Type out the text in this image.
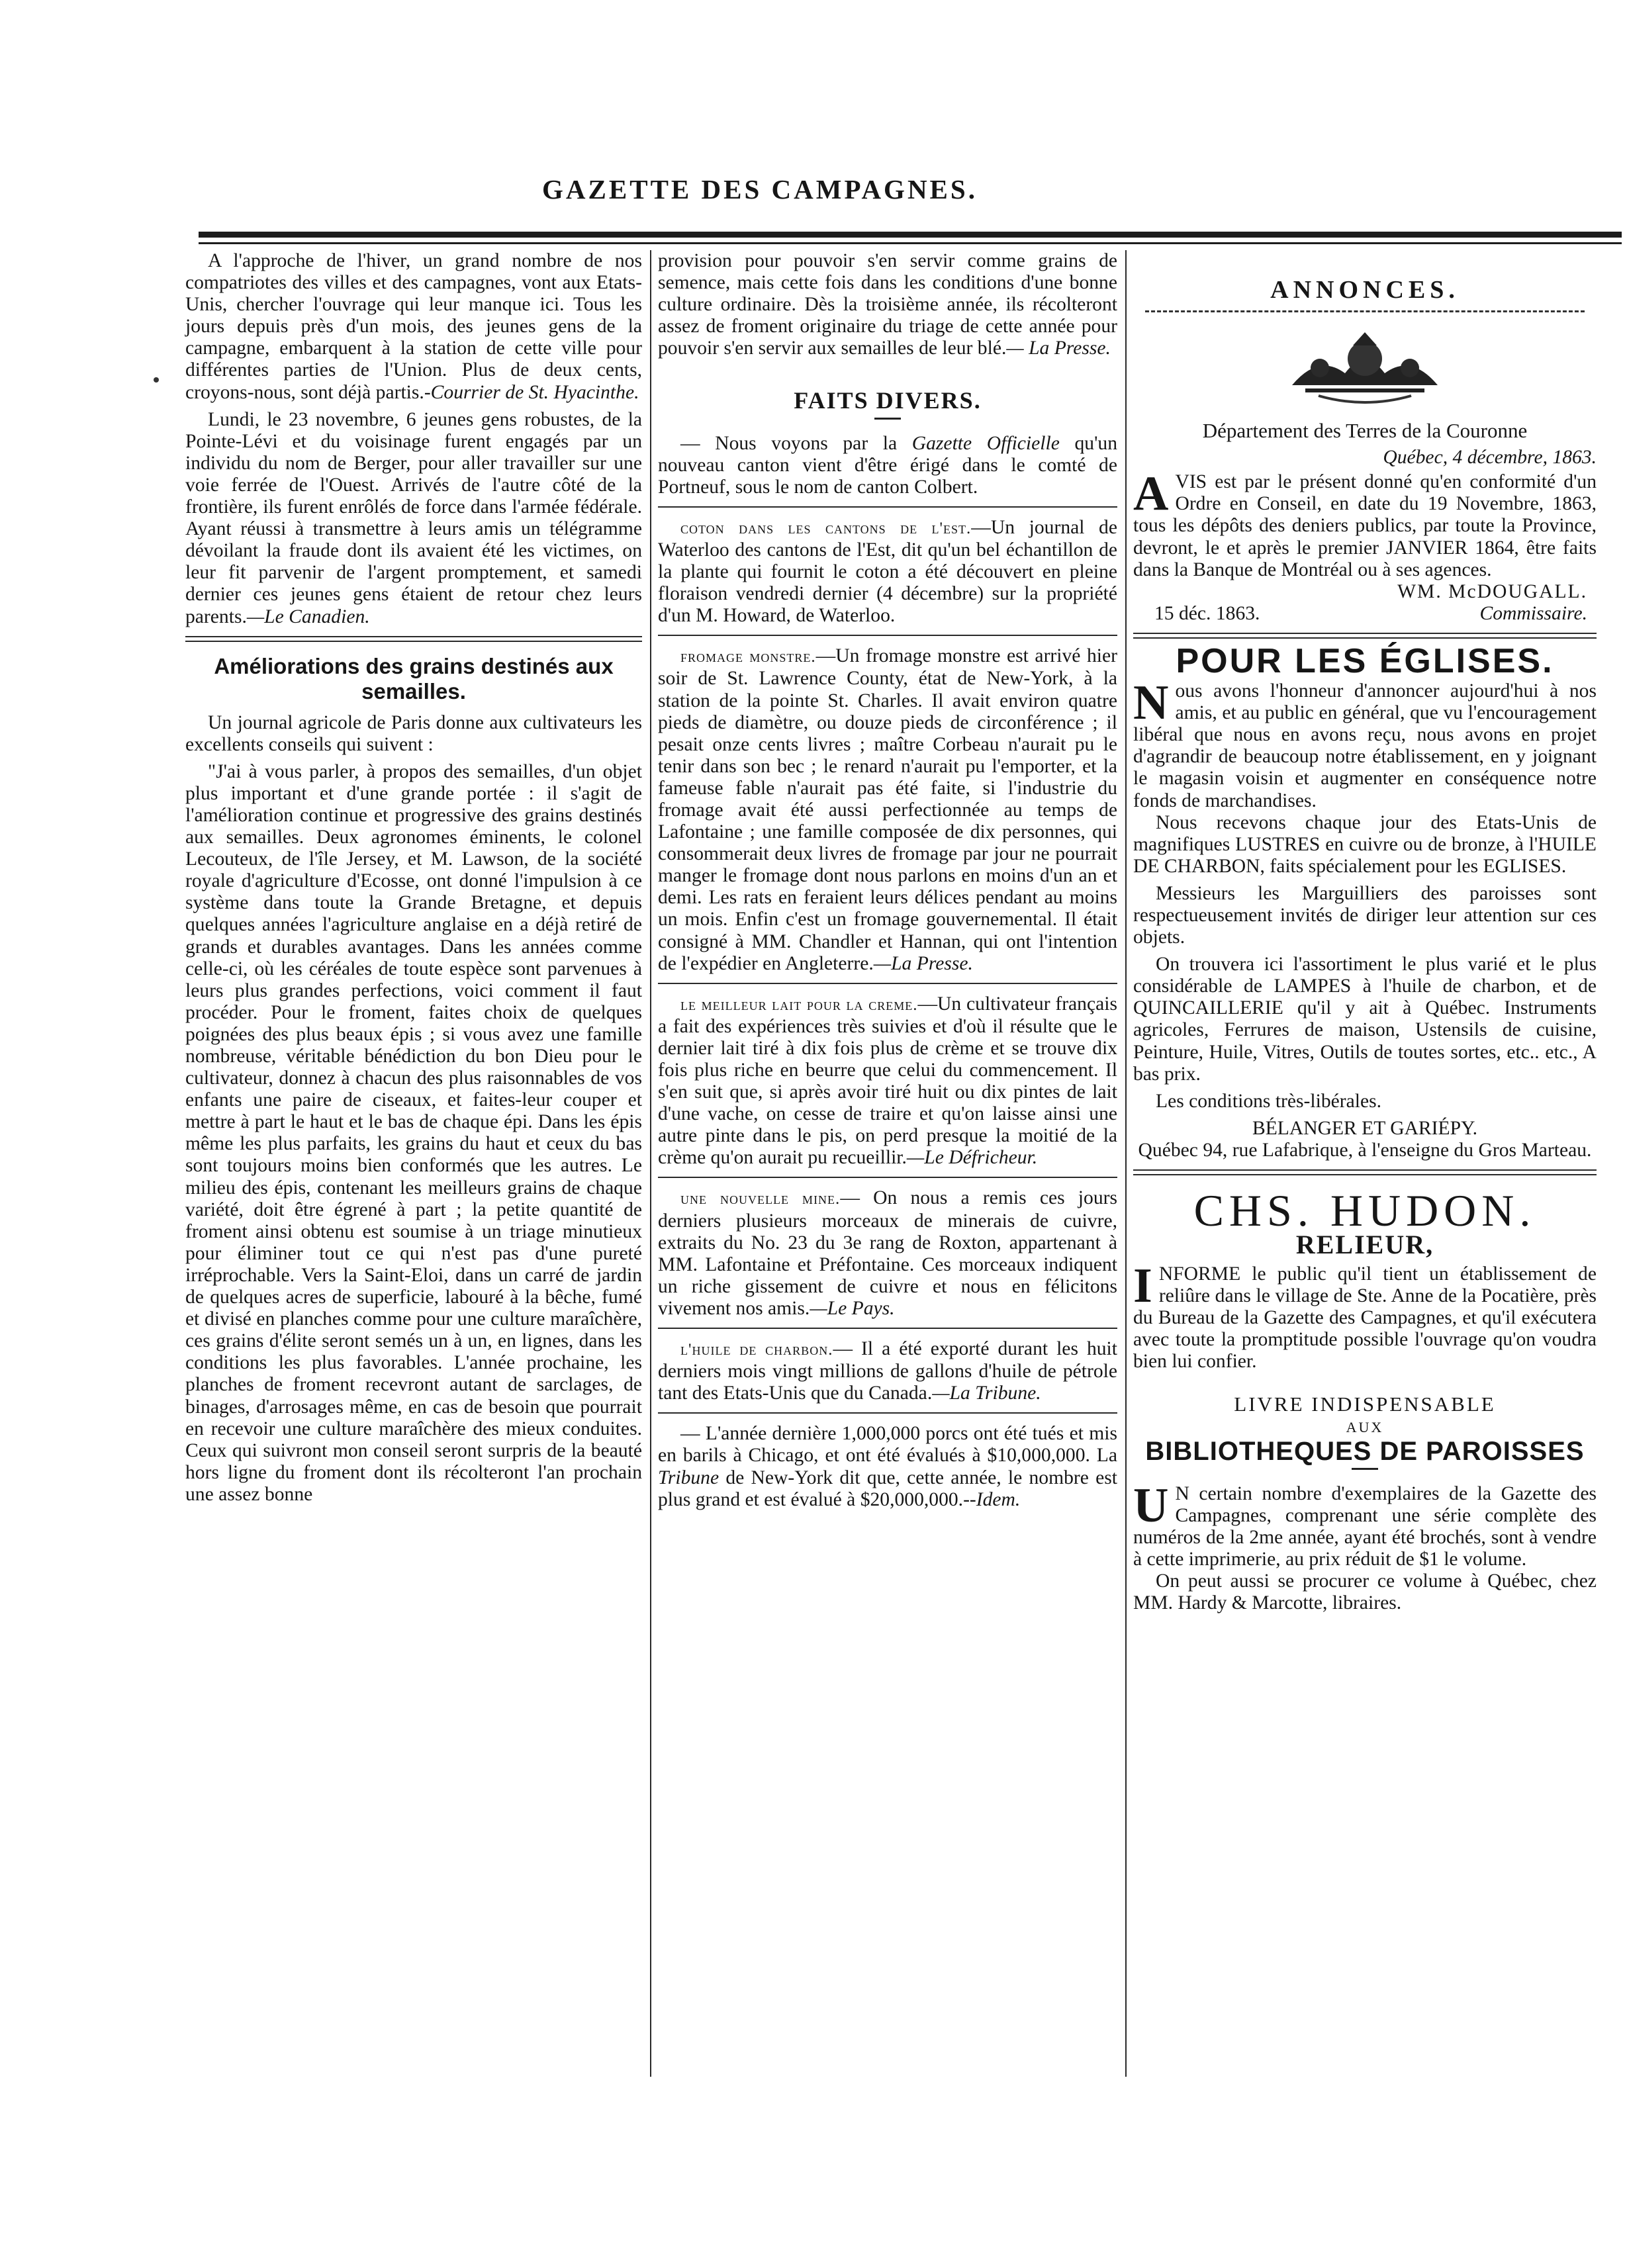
GAZETTE DES CAMPAGNES.

A l'approche de l'hiver, un grand nombre de nos compatriotes des villes et des campagnes, vont aux Etats-Unis, chercher l'ouvrage qui leur manque ici. Tous les jours depuis près d'un mois, des jeunes gens de la campagne, embarquent à la station de cette ville pour différentes parties de l'Union. Plus de deux cents, croyons-nous, sont déjà partis.-Courrier de St. Hyacinthe.

Lundi, le 23 novembre, 6 jeunes gens robustes, de la Pointe-Lévi et du voisinage furent engagés par un individu du nom de Berger, pour aller travailler sur une voie ferrée de l'Ouest. Arrivés de l'autre côté de la frontière, ils furent enrôlés de force dans l'armée fédérale. Ayant réussi à transmettre à leurs amis un télégramme dévoilant la fraude dont ils avaient été les victimes, on leur fit parvenir de l'argent promptement, et samedi dernier ces jeunes gens étaient de retour chez leurs parents.—Le Canadien.

Améliorations des grains destinés aux semailles.

Un journal agricole de Paris donne aux cultivateurs les excellents conseils qui suivent :

"J'ai à vous parler, à propos des semailles, d'un objet plus important et d'une grande portée : il s'agit de l'amélioration continue et progressive des grains destinés aux semailles. Deux agronomes éminents, le colonel Lecouteux, de l'île Jersey, et M. Lawson, de la société royale d'agriculture d'Ecosse, ont donné l'impulsion à ce système dans toute la Grande Bretagne, et depuis quelques années l'agriculture anglaise en a déjà retiré de grands et durables avantages. Dans les années comme celle-ci, où les céréales de toute espèce sont parvenues à leurs plus grandes perfections, voici comment il faut procéder. Pour le froment, faites choix de quelques poignées des plus beaux épis ; si vous avez une famille nombreuse, véritable bénédiction du bon Dieu pour le cultivateur, donnez à chacun des plus raisonnables de vos enfants une paire de ciseaux, et faites-leur couper et mettre à part le haut et le bas de chaque épi. Dans les épis même les plus parfaits, les grains du haut et ceux du bas sont toujours moins bien conformés que les autres. Le milieu des épis, contenant les meilleurs grains de chaque variété, doit être égrené à part ; la petite quantité de froment ainsi obtenu est soumise à un triage minutieux pour éliminer tout ce qui n'est pas d'une pureté irréprochable. Vers la Saint-Eloi, dans un carré de jardin de quelques acres de superficie, labouré à la bêche, fumé et divisé en planches comme pour une culture maraîchère, ces grains d'élite seront semés un à un, en lignes, dans les conditions les plus favorables. L'année prochaine, les planches de froment recevront autant de sarclages, de binages, d'arrosages même, en cas de besoin que pourrait en recevoir une culture maraîchère des mieux conduites. Ceux qui suivront mon conseil seront surpris de la beauté hors ligne du froment dont ils récolteront l'an prochain une assez bonne

provision pour pouvoir s'en servir comme grains de semence, mais cette fois dans les conditions d'une bonne culture ordinaire. Dès la troisième année, ils récolteront assez de froment originaire du triage de cette année pour pouvoir s'en servir aux semailles de leur blé.— La Presse.

FAITS DIVERS.

— Nous voyons par la Gazette Officielle qu'un nouveau canton vient d'être érigé dans le comté de Portneuf, sous le nom de canton Colbert.

coton dans les cantons de l'est.—Un journal de Waterloo des cantons de l'Est, dit qu'un bel échantillon de la plante qui fournit le coton a été découvert en pleine floraison vendredi dernier (4 décembre) sur la propriété d'un M. Howard, de Waterloo.

fromage monstre.—Un fromage monstre est arrivé hier soir de St. Lawrence County, état de New-York, à la station de la pointe St. Charles. Il avait environ quatre pieds de diamètre, ou douze pieds de circonférence ; il pesait onze cents livres ; maître Corbeau n'aurait pu le tenir dans son bec ; le renard n'aurait pu l'emporter, et la fameuse fable n'aurait pas été faite, si l'industrie du fromage avait été aussi perfectionnée au temps de Lafontaine ; une famille composée de dix personnes, qui consommerait deux livres de fromage par jour ne pourrait manger le fromage dont nous parlons en moins d'un an et demi. Les rats en feraient leurs délices pendant au moins un mois. Enfin c'est un fromage gouvernemental. Il était consigné à MM. Chandler et Hannan, qui ont l'intention de l'expédier en Angleterre.—La Presse.

le meilleur lait pour la creme.—Un cultivateur français a fait des expériences très suivies et d'où il résulte que le dernier lait tiré à dix fois plus de crème et se trouve dix fois plus riche en beurre que celui du commencement. Il s'en suit que, si après avoir tiré huit ou dix pintes de lait d'une vache, on cesse de traire et qu'on laisse ainsi une autre pinte dans le pis, on perd presque la moitié de la crème qu'on aurait pu recueillir.—Le Défricheur.

une nouvelle mine.— On nous a remis ces jours derniers plusieurs morceaux de minerais de cuivre, extraits du No. 23 du 3e rang de Roxton, appartenant à MM. Lafontaine et Préfontaine. Ces morceaux indiquent un riche gissement de cuivre et nous en félicitons vivement nos amis.—Le Pays.

l'huile de charbon.— Il a été exporté durant les huit derniers mois vingt millions de gallons d'huile de pétrole tant des Etats-Unis que du Canada.—La Tribune.

— L'année dernière 1,000,000 porcs ont été tués et mis en barils à Chicago, et ont été évalués à $10,000,000. La Tribune de New-York dit que, cette année, le nombre est plus grand et est évalué à $20,000,000.--Idem.

ANNONCES.
Département des Terres de la Couronne
Québec, 4 décembre, 1863.
A VIS est par le présent donné qu'en conformité d'un Ordre en Conseil, en date du 19 Novembre, 1863, tous les dépôts des deniers publics, par toute la Province, devront, le et après le premier JANVIER 1864, être faits dans la Banque de Montréal ou à ses agences.
WM. McDOUGALL.
15 déc. 1863.	Commissaire.
POUR LES ÉGLISES.
N ous avons l'honneur d'annoncer aujourd'hui à nos amis, et au public en général, que vu l'encouragement libéral que nous en avons reçu, nous avons en projet d'agrandir de beaucoup notre établissement, en y joignant le magasin voisin et augmenter en conséquence notre fonds de marchandises.

Nous recevons chaque jour des Etats-Unis de magnifiques LUSTRES en cuivre ou de bronze, à l'HUILE DE CHARBON, faits spécialement pour les EGLISES.

Messieurs les Marguilliers des paroisses sont respectueusement invités de diriger leur attention sur ces objets.

On trouvera ici l'assortiment le plus varié et le plus considérable de LAMPES à l'huile de charbon, et de QUINCAILLERIE qu'il y ait à Québec. Instruments agricoles, Ferrures de maison, Ustensils de cuisine, Peinture, Huile, Vitres, Outils de toutes sortes, etc.. etc., A bas prix.

Les conditions très-libérales.

BÉLANGER ET GARIÉPY.
Québec 94, rue Lafabrique, à l'enseigne du Gros Marteau.
CHS. HUDON.
RELIEUR,
I NFORME le public qu'il tient un établissement de reliûre dans le village de Ste. Anne de la Pocatière, près du Bureau de la Gazette des Campagnes, et qu'il exécutera avec toute la promptitude possible l'ouvrage qu'on voudra bien lui confier.
LIVRE INDISPENSABLE
AUX
BIBLIOTHEQUES DE PAROISSES
U N certain nombre d'exemplaires de la Gazette des Campagnes, comprenant une série complète des numéros de la 2me année, ayant été brochés, sont à vendre à cette imprimerie, au prix réduit de $1 le volume.

On peut aussi se procurer ce volume à Québec, chez MM. Hardy & Marcotte, libraires.
